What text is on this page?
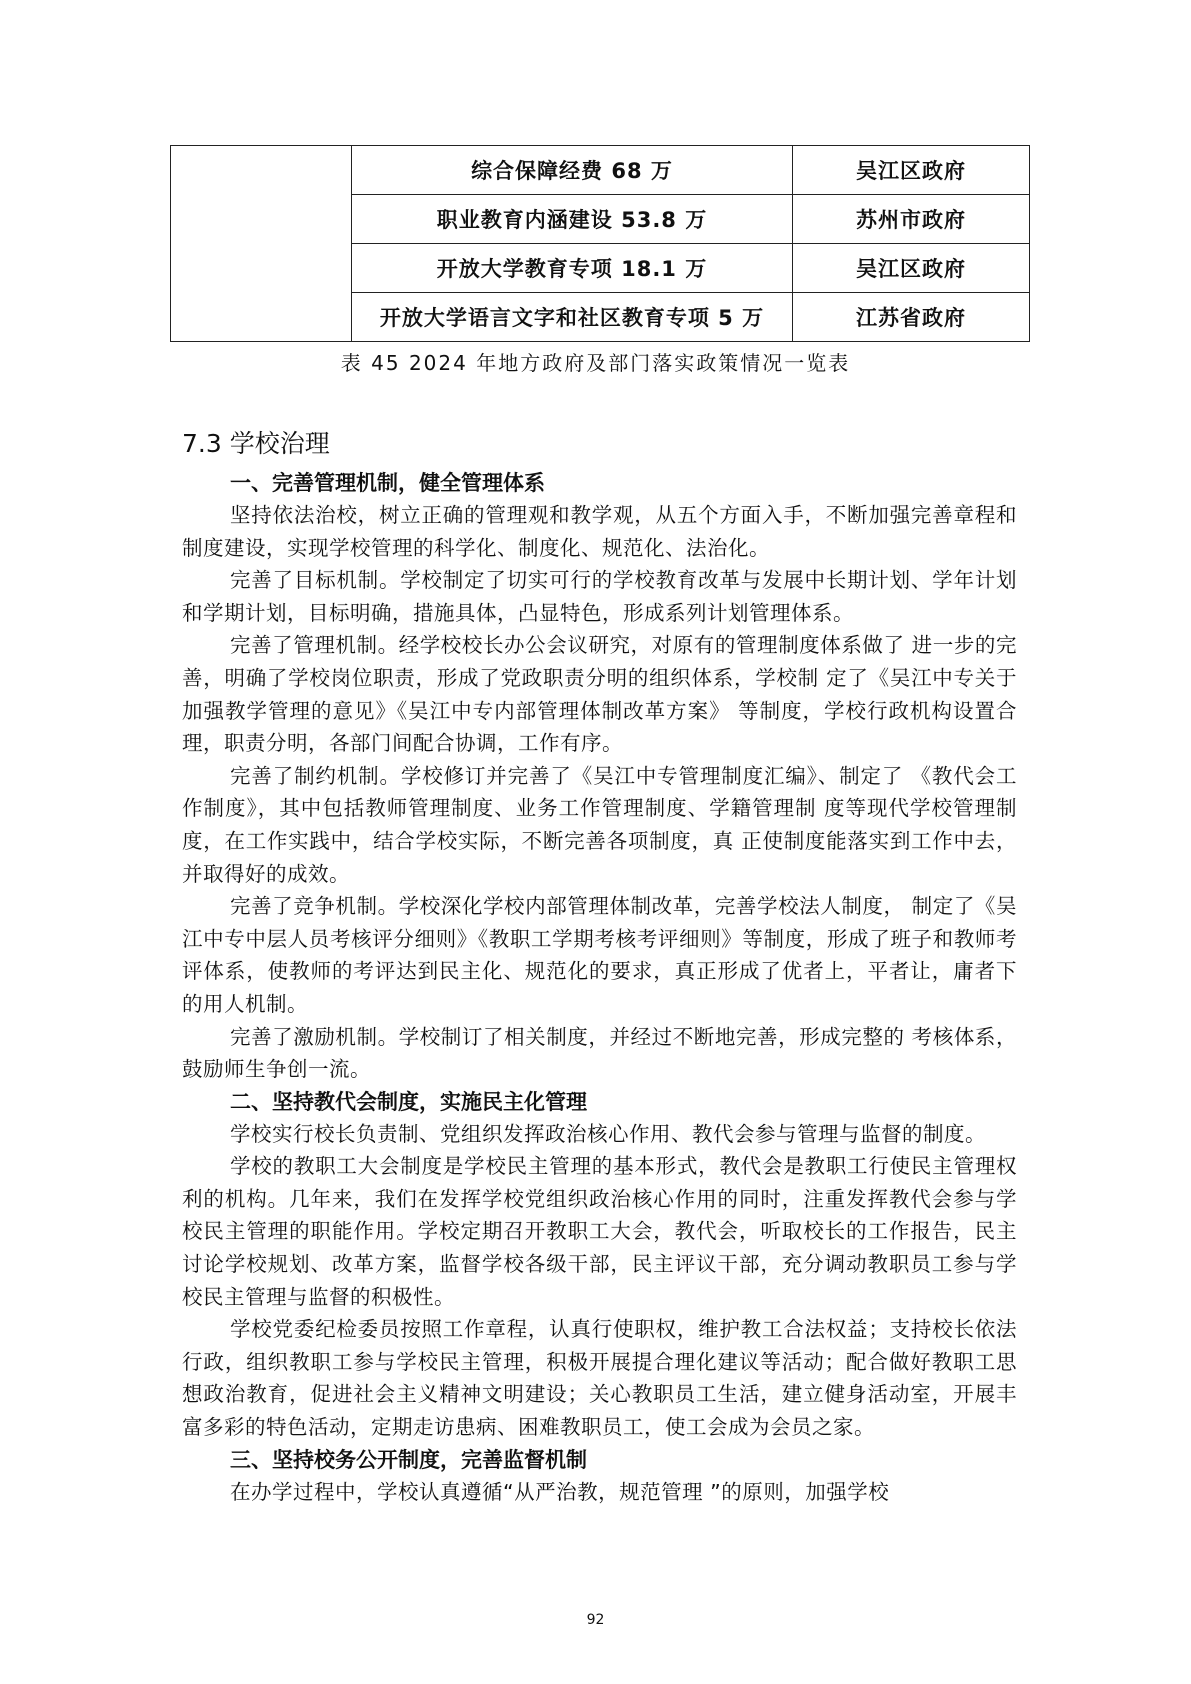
	综合保障经费 68 万	吴江区政府
	职业教育内涵建设 53.8 万	苏州市政府
	开放大学教育专项 18.1 万	吴江区政府
	开放大学语言文字和社区教育专项 5 万	江苏省政府
表 45 2024 年地方政府及部门落实政策情况一览表
7.3 学校治理
一、完善管理机制，健全管理体系

坚持依法治校，树立正确的管理观和教学观，从五个方面入手，不断加强完善章程和制度建设，实现学校管理的科学化、制度化、规范化、法治化。

完善了目标机制。学校制定了切实可行的学校教育改革与发展中长期计划、学年计划和学期计划，目标明确，措施具体，凸显特色，形成系列计划管理体系。

完善了管理机制。经学校校长办公会议研究，对原有的管理制度体系做了 进一步的完善，明确了学校岗位职责，形成了党政职责分明的组织体系，学校制 定了《吴江中专关于加强教学管理的意见》《吴江中专内部管理体制改革方案》 等制度，学校行政机构设置合理，职责分明，各部门间配合协调，工作有序。

完善了制约机制。学校修订并完善了《吴江中专管理制度汇编》、制定了 《教代会工作制度》，其中包括教师管理制度、业务工作管理制度、学籍管理制 度等现代学校管理制度，在工作实践中，结合学校实际，不断完善各项制度，真 正使制度能落实到工作中去，并取得好的成效。

完善了竞争机制。学校深化学校内部管理体制改革，完善学校法人制度， 制定了《吴江中专中层人员考核评分细则》《教职工学期考核考评细则》等制度，形成了班子和教师考评体系，使教师的考评达到民主化、规范化的要求，真正形成了优者上，平者让，庸者下的用人机制。

完善了激励机制。学校制订了相关制度，并经过不断地完善，形成完整的 考核体系，鼓励师生争创一流。

二、坚持教代会制度，实施民主化管理

学校实行校长负责制、党组织发挥政治核心作用、教代会参与管理与监督的制度。

学校的教职工大会制度是学校民主管理的基本形式，教代会是教职工行使民主管理权利的机构。几年来，我们在发挥学校党组织政治核心作用的同时，注重发挥教代会参与学校民主管理的职能作用。学校定期召开教职工大会，教代会，听取校长的工作报告，民主讨论学校规划、改革方案，监督学校各级干部，民主评议干部，充分调动教职员工参与学校民主管理与监督的积极性。

学校党委纪检委员按照工作章程，认真行使职权，维护教工合法权益；支持校长依法行政，组织教职工参与学校民主管理，积极开展提合理化建议等活动；配合做好教职工思想政治教育，促进社会主义精神文明建设；关心教职员工生活，建立健身活动室，开展丰富多彩的特色活动，定期走访患病、困难教职员工，使工会成为会员之家。

三、坚持校务公开制度，完善监督机制

在办学过程中，学校认真遵循“从严治教，规范管理 ”的原则，加强学校

92
